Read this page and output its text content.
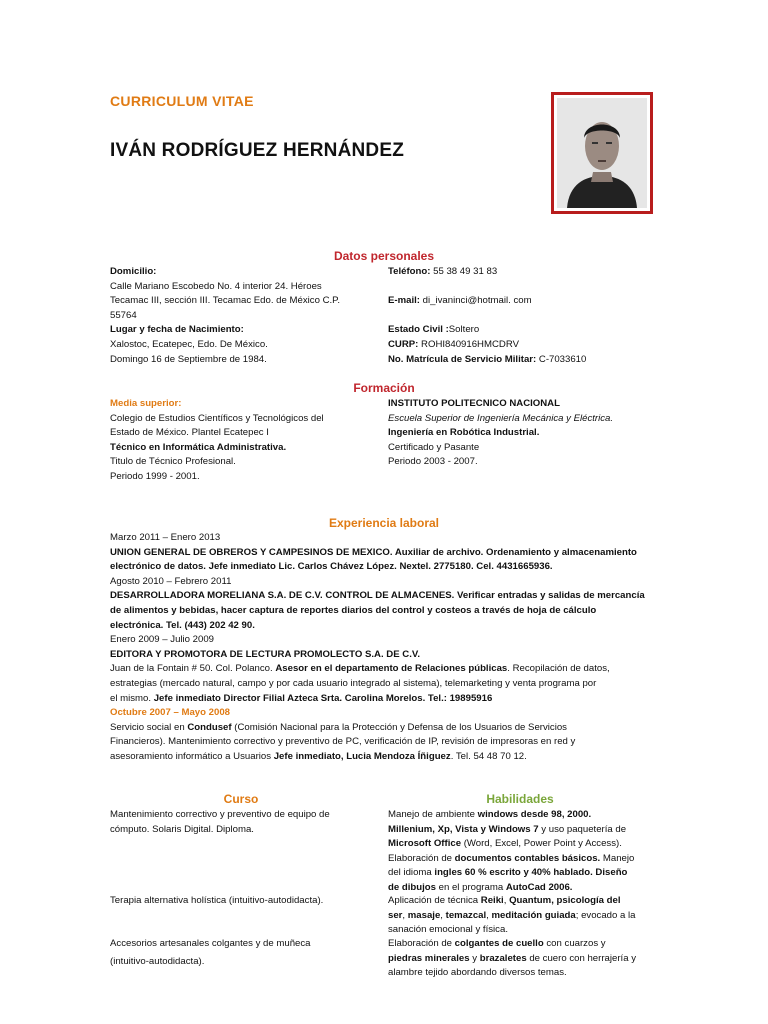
CURRICULUM VITAE
IVÁN RODRÍGUEZ HERNÁNDEZ
Datos personales
Domicilio:
Calle Mariano Escobedo No. 4 interior 24. Héroes
Tecamac III, sección III. Tecamac Edo. de México C.P.
55764
Lugar y fecha de Nacimiento:
Xalostoc, Ecatepec, Edo. De México.
Domingo 16 de Septiembre de 1984.
Teléfono: 55 38 49 31 83
E-mail: di_ivaninci@hotmail. com
Estado Civil :Soltero
CURP: ROHI840916HMCDRV
No. Matrícula de Servicio Militar: C-7033610
Formación
Media superior:
Colegio de Estudios Científicos y Tecnológicos del
Estado de México. Plantel Ecatepec I
Técnico en Informática Administrativa.
Titulo de Técnico Profesional.
Periodo 1999 - 2001.
INSTITUTO POLITECNICO NACIONAL
Escuela Superior de Ingeniería Mecánica y Eléctrica.
Ingeniería en Robótica Industrial.
Certificado y Pasante
Periodo 2003 - 2007.
Experiencia laboral
Marzo 2011 – Enero 2013
UNION GENERAL DE OBREROS Y CAMPESINOS DE MEXICO. Auxiliar de archivo. Ordenamiento y almacenamiento
electrónico de datos. Jefe inmediato Lic. Carlos Chávez López. Nextel. 2775180. Cel. 4431665936.
Agosto 2010 – Febrero 2011
DESARROLLADORA MORELIANA S.A. DE C.V. CONTROL DE ALMACENES. Verificar entradas y salidas de mercancía
de alimentos y bebidas, hacer captura de reportes diarios del control y costeos a través de hoja de cálculo
electrónica. Tel. (443) 202 42 90.
Enero 2009 – Julio 2009
EDITORA Y PROMOTORA DE LECTURA PROMOLECTO S.A. DE C.V.
Juan de la Fontain # 50. Col. Polanco. Asesor en el departamento de Relaciones públicas. Recopilación de datos,
estrategias (mercado natural, campo y por cada usuario integrado al sistema), telemarketing y venta programa por
el mismo. Jefe inmediato Director Filial Azteca Srta. Carolina Morelos. Tel.: 19895916
Octubre 2007 – Mayo 2008
Servicio social en Condusef (Comisión Nacional para la Protección y Defensa de los Usuarios de Servicios
Financieros). Mantenimiento correctivo y preventivo de PC, verificación de IP, revisión de impresoras en red y
asesoramiento informático a Usuarios Jefe inmediato, Lucia Mendoza Íñiguez. Tel. 54 48 70 12.
Curso
Mantenimiento correctivo y preventivo de equipo de
cómputo. Solaris Digital. Diploma.
Terapia alternativa holística (intuitivo-autodidacta).
Accesorios artesanales colgantes y de muñeca
(intuitivo-autodidacta).
Habilidades
Manejo de ambiente windows desde 98, 2000.
Millenium, Xp, Vista y Windows 7 y uso paquetería de
Microsoft Office (Word, Excel, Power Point y Access).
Elaboración de documentos contables básicos. Manejo
del idioma ingles 60 % escrito y 40% hablado. Diseño
de dibujos en el programa AutoCad 2006.
Aplicación de técnica Reiki, Quantum, psicología del
ser, masaje, temazcal, meditación guiada; evocado a la
sanación emocional y física.
Elaboración de colgantes de cuello con cuarzos y
piedras minerales y brazaletes de cuero con herrajería y
alambre tejido abordando diversos temas.
